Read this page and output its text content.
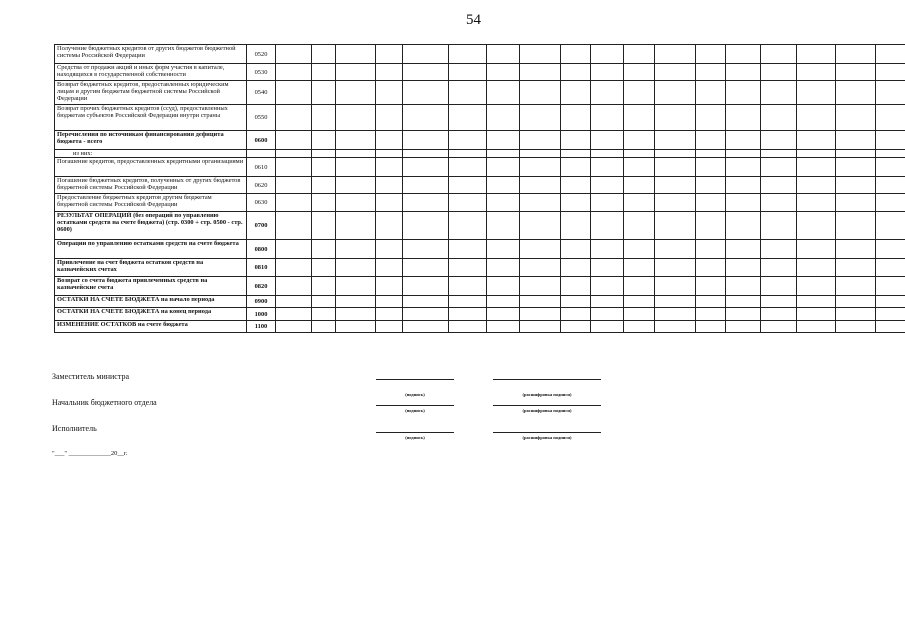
54
Получение бюджетных кредитов от других бюджетов бюджетной системы Российской Федерации	0520																			
Средства от продажи акций и иных форм участия в капитале, находящихся в государственной собственности	0530																			
Возврат бюджетных кредитов, предоставленных юридическим лицам и другим бюджетам бюджетной системы Российской Федерации	0540																			
Возврат прочих бюджетных кредитов (ссуд), предоставленных бюджетам субъектов Российской Федерации внутри страны	0550																			
Перечисления по источникам финансирования дефицита бюджета - всего	0600																			
из них:																				
Погашение кредитов, предоставленных кредитными организациями	0610																			
Погашение бюджетных кредитов, полученных от других бюджетов бюджетной системы Российской Федерации	0620																			
Предоставление бюджетных кредитов другим бюджетам бюджетной системы Российской Федерации	0630																			
РЕЗУЛЬТАТ ОПЕРАЦИЙ (без операций по управлению остатками средств на счете бюджета) (стр. 0300 + стр. 0500 - стр. 0600)	0700																			
Операции по управлению остатками средств на счете бюджета	0800																			
Привлечение на счет бюджета остатков средств на казначейских счетах	0810																			
Возврат со счета бюджета привлеченных средств на казначейские счета	0820																			
ОСТАТКИ НА СЧЕТЕ БЮДЖЕТА на начало периода	0900																			
ОСТАТКИ НА СЧЕТЕ БЮДЖЕТА на конец периода	1000																			
ИЗМЕНЕНИЕ ОСТАТКОВ на счете бюджета	1100																			
Заместитель министра
(подпись)	(расшифровка подписи)
Начальник бюджетного отдела
(подпись)	(расшифровка подписи)
Исполнитель
(подпись)	(расшифровка подписи)
"___" _____________20__г.
